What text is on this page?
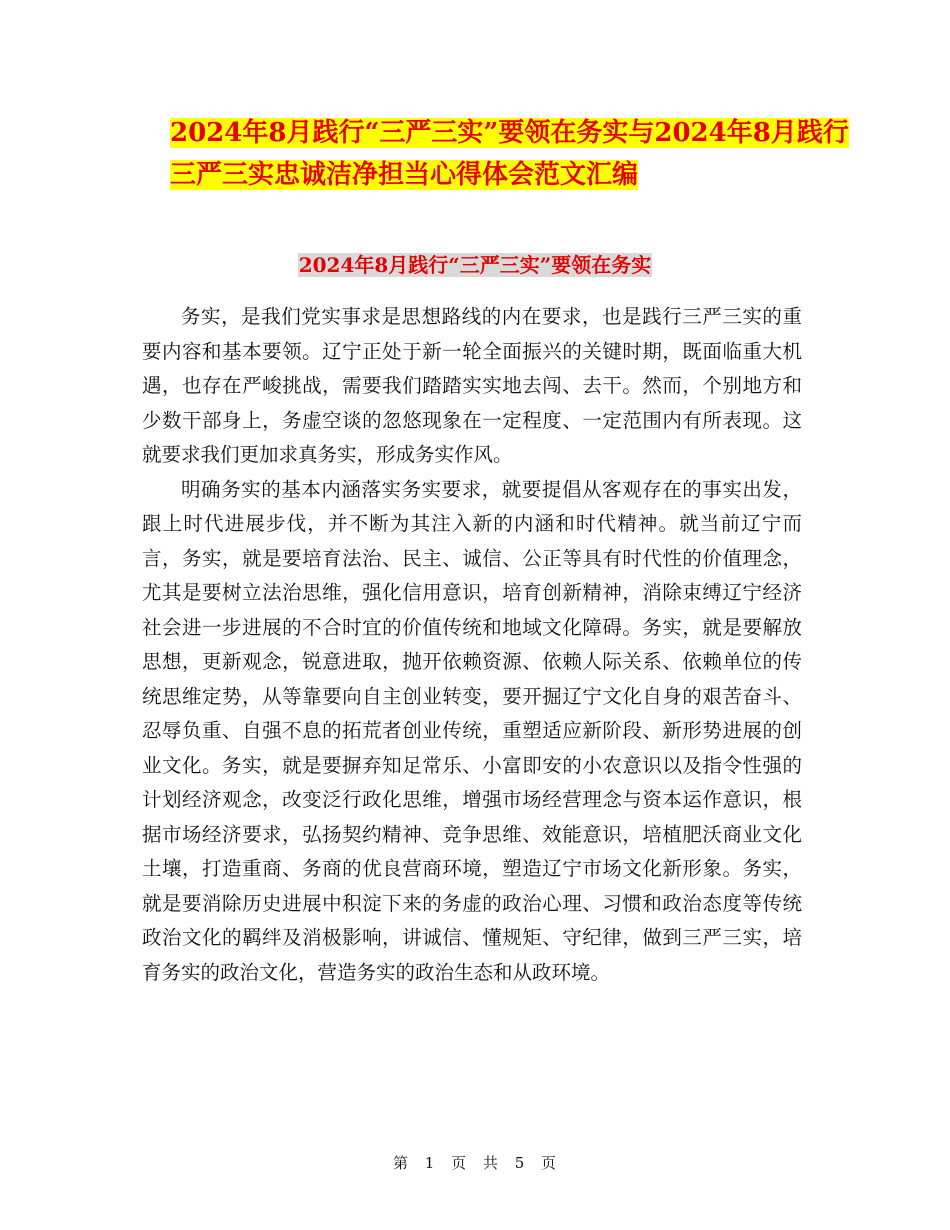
2024年8月践行“三严三实”要领在务实与2024年8月践行三严三实忠诚洁净担当心得体会范文汇编
2024年8月践行“三严三实”要领在务实

务实，是我们党实事求是思想路线的内在要求，也是践行三严三实的重要内容和基本要领。辽宁正处于新一轮全面振兴的关键时期，既面临重大机遇，也存在严峻挑战，需要我们踏踏实实地去闯、去干。然而，个别地方和少数干部身上，务虚空谈的忽悠现象在一定程度、一定范围内有所表现。这就要求我们更加求真务实，形成务实作风。

明确务实的基本内涵落实务实要求，就要提倡从客观存在的事实出发，跟上时代进展步伐，并不断为其注入新的内涵和时代精神。就当前辽宁而言，务实，就是要培育法治、民主、诚信、公正等具有时代性的价值理念，尤其是要树立法治思维，强化信用意识，培育创新精神，消除束缚辽宁经济社会进一步进展的不合时宜的价值传统和地域文化障碍。务实，就是要解放思想，更新观念，锐意进取，抛开依赖资源、依赖人际关系、依赖单位的传统思维定势，从等靠要向自主创业转变，要开掘辽宁文化自身的艰苦奋斗、忍辱负重、自强不息的拓荒者创业传统，重塑适应新阶段、新形势进展的创业文化。务实，就是要摒弃知足常乐、小富即安的小农意识以及指令性强的计划经济观念，改变泛行政化思维，增强市场经营理念与资本运作意识，根据市场经济要求，弘扬契约精神、竞争思维、效能意识，培植肥沃商业文化土壤，打造重商、务商的优良营商环境，塑造辽宁市场文化新形象。务实，就是要消除历史进展中积淀下来的务虚的政治心理、习惯和政治态度等传统政治文化的羁绊及消极影响，讲诚信、懂规矩、守纪律，做到三严三实，培育务实的政治文化，营造务实的政治生态和从政环境。

第 1 页 共 5 页
